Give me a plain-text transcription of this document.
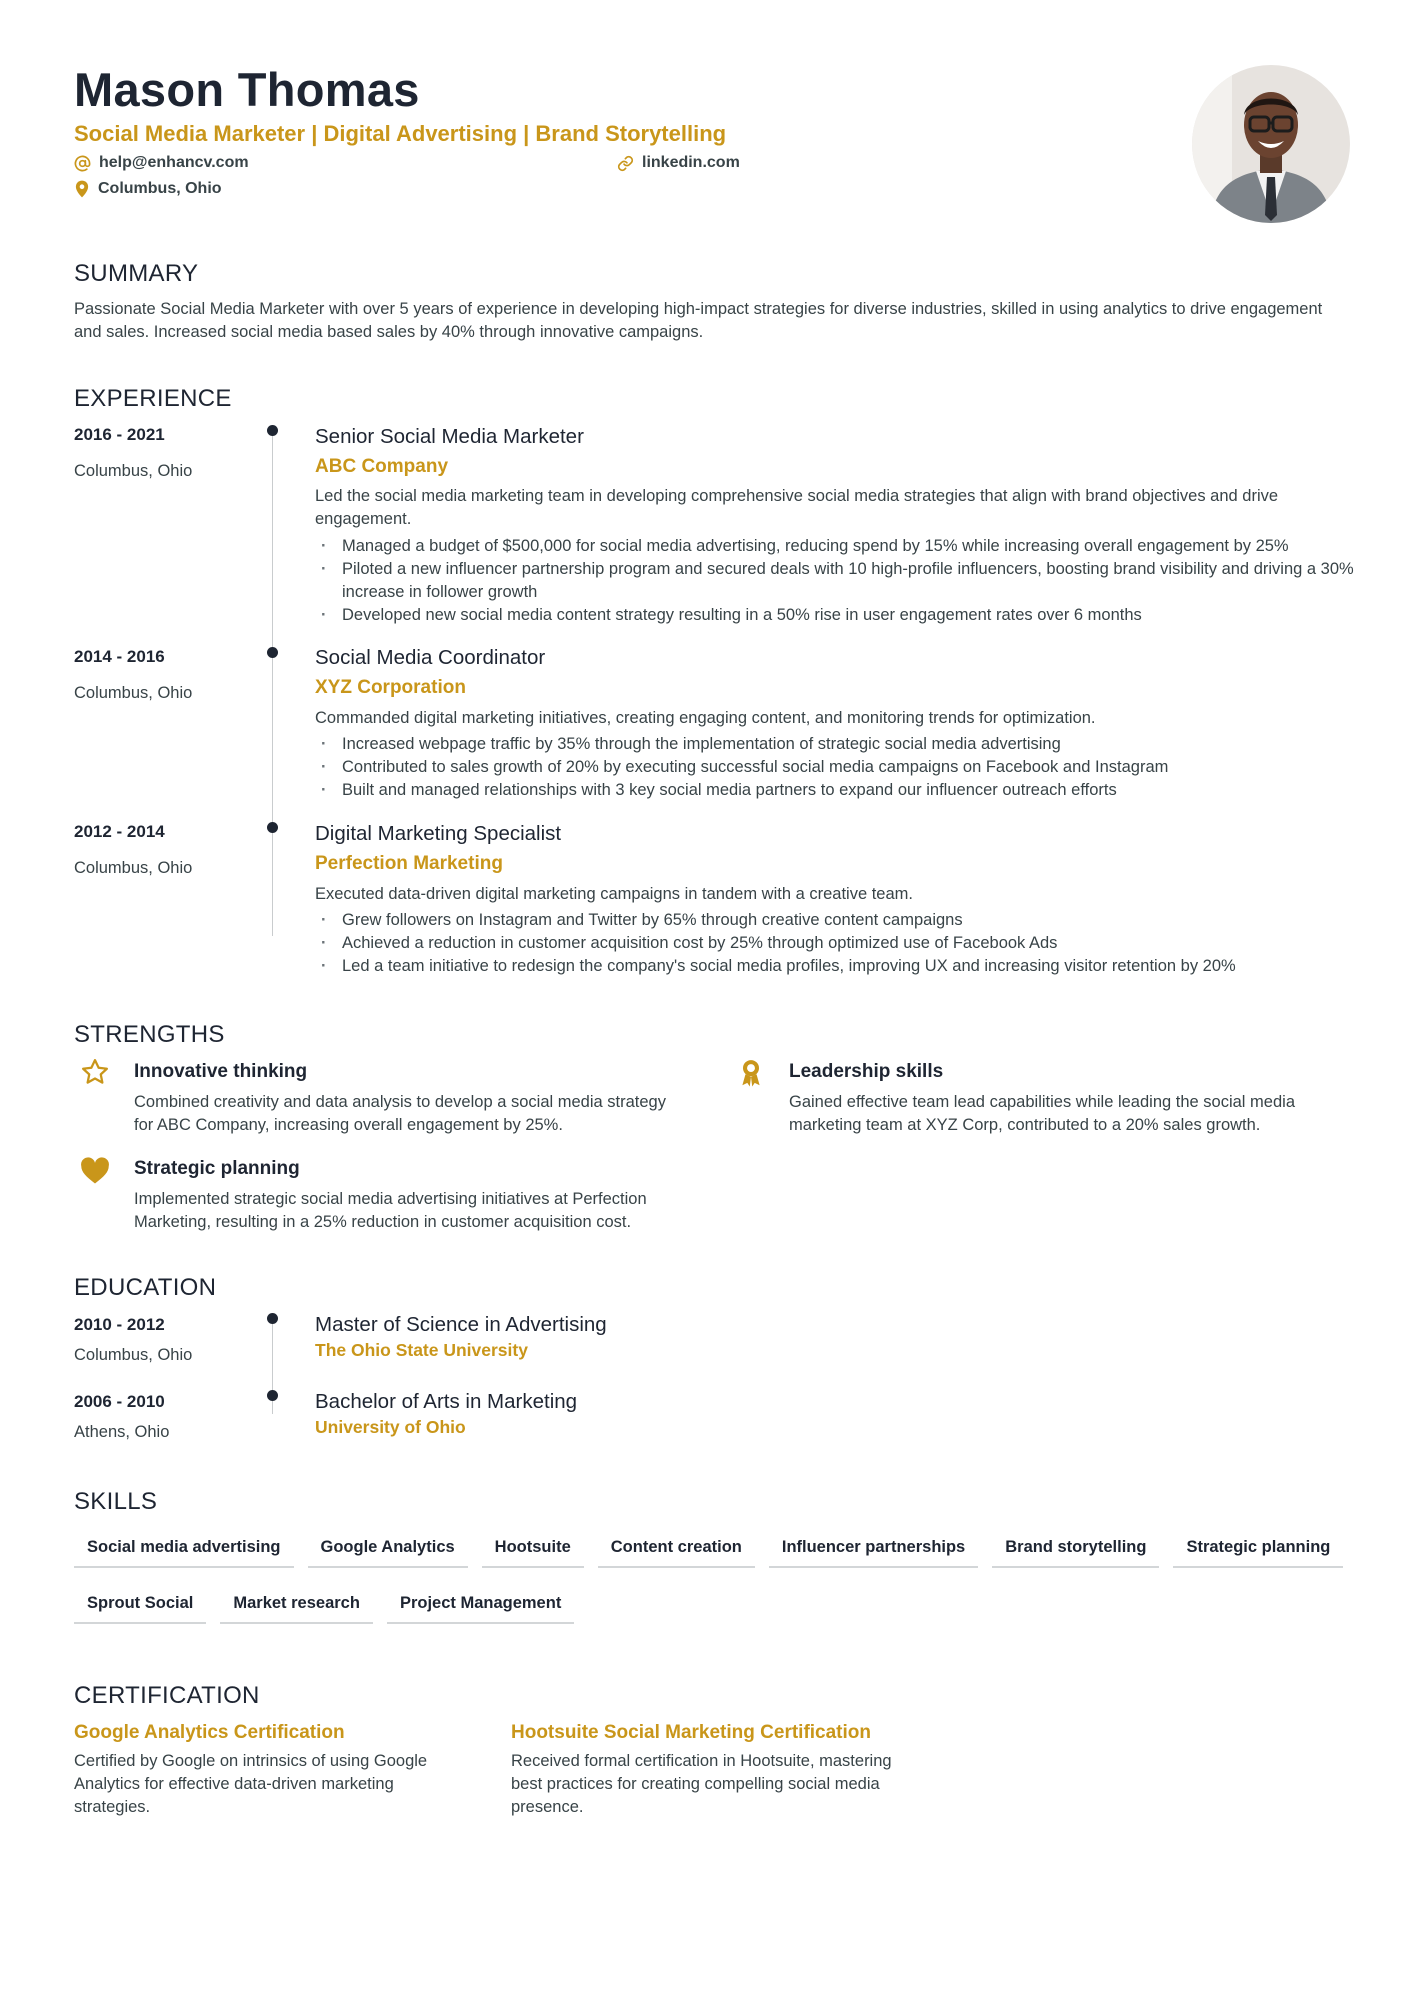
Mason Thomas
Social Media Marketer | Digital Advertising | Brand Storytelling
help@enhancv.com	linkedin.com
Columbus, Ohio
SUMMARY
Passionate Social Media Marketer with over 5 years of experience in developing high-impact strategies for diverse industries, skilled in using analytics to drive engagement and sales. Increased social media based sales by 40% through innovative campaigns.
EXPERIENCE
2016 - 2021
Columbus, Ohio
Senior Social Media Marketer
ABC Company
Led the social media marketing team in developing comprehensive social media strategies that align with brand objectives and drive engagement.
· Managed a budget of $500,000 for social media advertising, reducing spend by 15% while increasing overall engagement by 25%
· Piloted a new influencer partnership program and secured deals with 10 high-profile influencers, boosting brand visibility and driving a 30% increase in follower growth
· Developed new social media content strategy resulting in a 50% rise in user engagement rates over 6 months
2014 - 2016
Columbus, Ohio
Social Media Coordinator
XYZ Corporation
Commanded digital marketing initiatives, creating engaging content, and monitoring trends for optimization.
· Increased webpage traffic by 35% through the implementation of strategic social media advertising
· Contributed to sales growth of 20% by executing successful social media campaigns on Facebook and Instagram
· Built and managed relationships with 3 key social media partners to expand our influencer outreach efforts
2012 - 2014
Columbus, Ohio
Digital Marketing Specialist
Perfection Marketing
Executed data-driven digital marketing campaigns in tandem with a creative team.
· Grew followers on Instagram and Twitter by 65% through creative content campaigns
· Achieved a reduction in customer acquisition cost by 25% through optimized use of Facebook Ads
· Led a team initiative to redesign the company's social media profiles, improving UX and increasing visitor retention by 20%
STRENGTHS
Innovative thinking
Combined creativity and data analysis to develop a social media strategy for ABC Company, increasing overall engagement by 25%.
Leadership skills
Gained effective team lead capabilities while leading the social media marketing team at XYZ Corp, contributed to a 20% sales growth.
Strategic planning
Implemented strategic social media advertising initiatives at Perfection Marketing, resulting in a 25% reduction in customer acquisition cost.
EDUCATION
2010 - 2012
Columbus, Ohio
Master of Science in Advertising
The Ohio State University
2006 - 2010
Athens, Ohio
Bachelor of Arts in Marketing
University of Ohio
SKILLS
Social media advertising	Google Analytics	Hootsuite	Content creation	Influencer partnerships	Brand storytelling	Strategic planning
Sprout Social	Market research	Project Management
CERTIFICATION
Google Analytics Certification
Certified by Google on intrinsics of using Google Analytics for effective data-driven marketing strategies.
Hootsuite Social Marketing Certification
Received formal certification in Hootsuite, mastering best practices for creating compelling social media presence.
